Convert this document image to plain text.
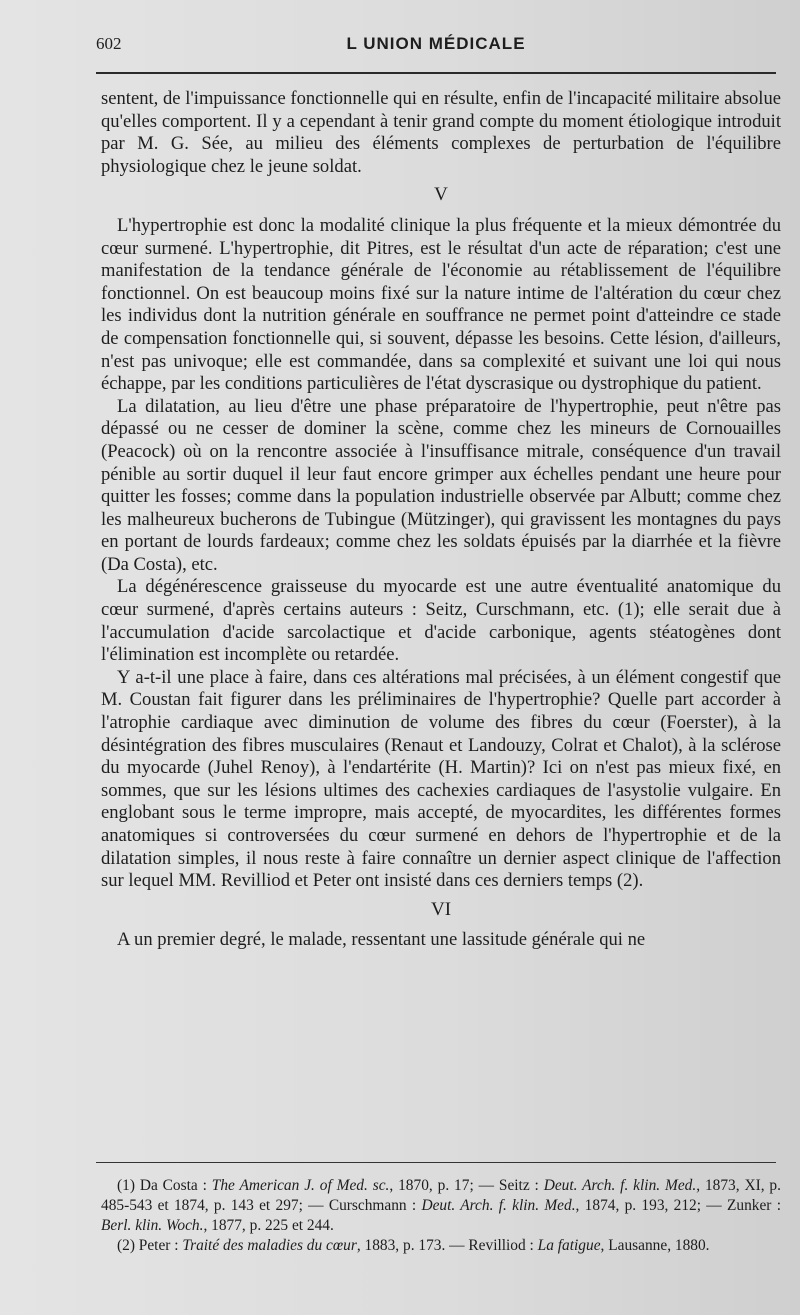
602	L UNION MÉDICALE

sentent, de l'impuissance fonctionnelle qui en résulte, enfin de l'incapacité militaire absolue qu'elles comportent. Il y a cependant à tenir grand compte du moment étiologique introduit par M. G. Sée, au milieu des éléments complexes de perturbation de l'équilibre physiologique chez le jeune soldat.

V

L'hypertrophie est donc la modalité clinique la plus fréquente et la mieux démontrée du cœur surmené. L'hypertrophie, dit Pitres, est le résultat d'un acte de réparation; c'est une manifestation de la tendance générale de l'économie au rétablissement de l'équilibre fonctionnel. On est beaucoup moins fixé sur la nature intime de l'altération du cœur chez les individus dont la nutrition générale en souffrance ne permet point d'atteindre ce stade de compensation fonctionnelle qui, si souvent, dépasse les besoins. Cette lésion, d'ailleurs, n'est pas univoque; elle est commandée, dans sa complexité et suivant une loi qui nous échappe, par les conditions particulières de l'état dyscrasique ou dystrophique du patient.

La dilatation, au lieu d'être une phase préparatoire de l'hypertrophie, peut n'être pas dépassé ou ne cesser de dominer la scène, comme chez les mineurs de Cornouailles (Peacock) où on la rencontre associée à l'insuffisance mitrale, conséquence d'un travail pénible au sortir duquel il leur faut encore grimper aux échelles pendant une heure pour quitter les fosses; comme dans la population industrielle observée par Albutt; comme chez les malheureux bucherons de Tubingue (Mützinger), qui gravissent les montagnes du pays en portant de lourds fardeaux; comme chez les soldats épuisés par la diarrhée et la fièvre (Da Costa), etc.

La dégénérescence graisseuse du myocarde est une autre éventualité anatomique du cœur surmené, d'après certains auteurs : Seitz, Curschmann, etc. (1); elle serait due à l'accumulation d'acide sarcolactique et d'acide carbonique, agents stéatogènes dont l'élimination est incomplète ou retardée.

Y a-t-il une place à faire, dans ces altérations mal précisées, à un élément congestif que M. Coustan fait figurer dans les préliminaires de l'hypertrophie? Quelle part accorder à l'atrophie cardiaque avec diminution de volume des fibres du cœur (Foerster), à la désintégration des fibres musculaires (Renaut et Landouzy, Colrat et Chalot), à la sclérose du myocarde (Juhel Renoy), à l'endartérite (H. Martin)? Ici on n'est pas mieux fixé, en sommes, que sur les lésions ultimes des cachexies cardiaques de l'asystolie vulgaire. En englobant sous le terme impropre, mais accepté, de myocardites, les différentes formes anatomiques si controversées du cœur surmené en dehors de l'hypertrophie et de la dilatation simples, il nous reste à faire connaître un dernier aspect clinique de l'affection sur lequel MM. Revilliod et Peter ont insisté dans ces derniers temps (2).

VI

A un premier degré, le malade, ressentant une lassitude générale qui ne

(1) Da Costa : The American J. of Med. sc., 1870, p. 17; — Seitz : Deut. Arch. f. klin. Med., 1873, XI, p. 485-543 et 1874, p. 143 et 297; — Curschmann : Deut. Arch. f. klin. Med., 1874, p. 193, 212; — Zunker : Berl. klin. Woch., 1877, p. 225 et 244.

(2) Peter : Traité des maladies du cœur, 1883, p. 173. — Revilliod : La fatigue, Lausanne, 1880.
